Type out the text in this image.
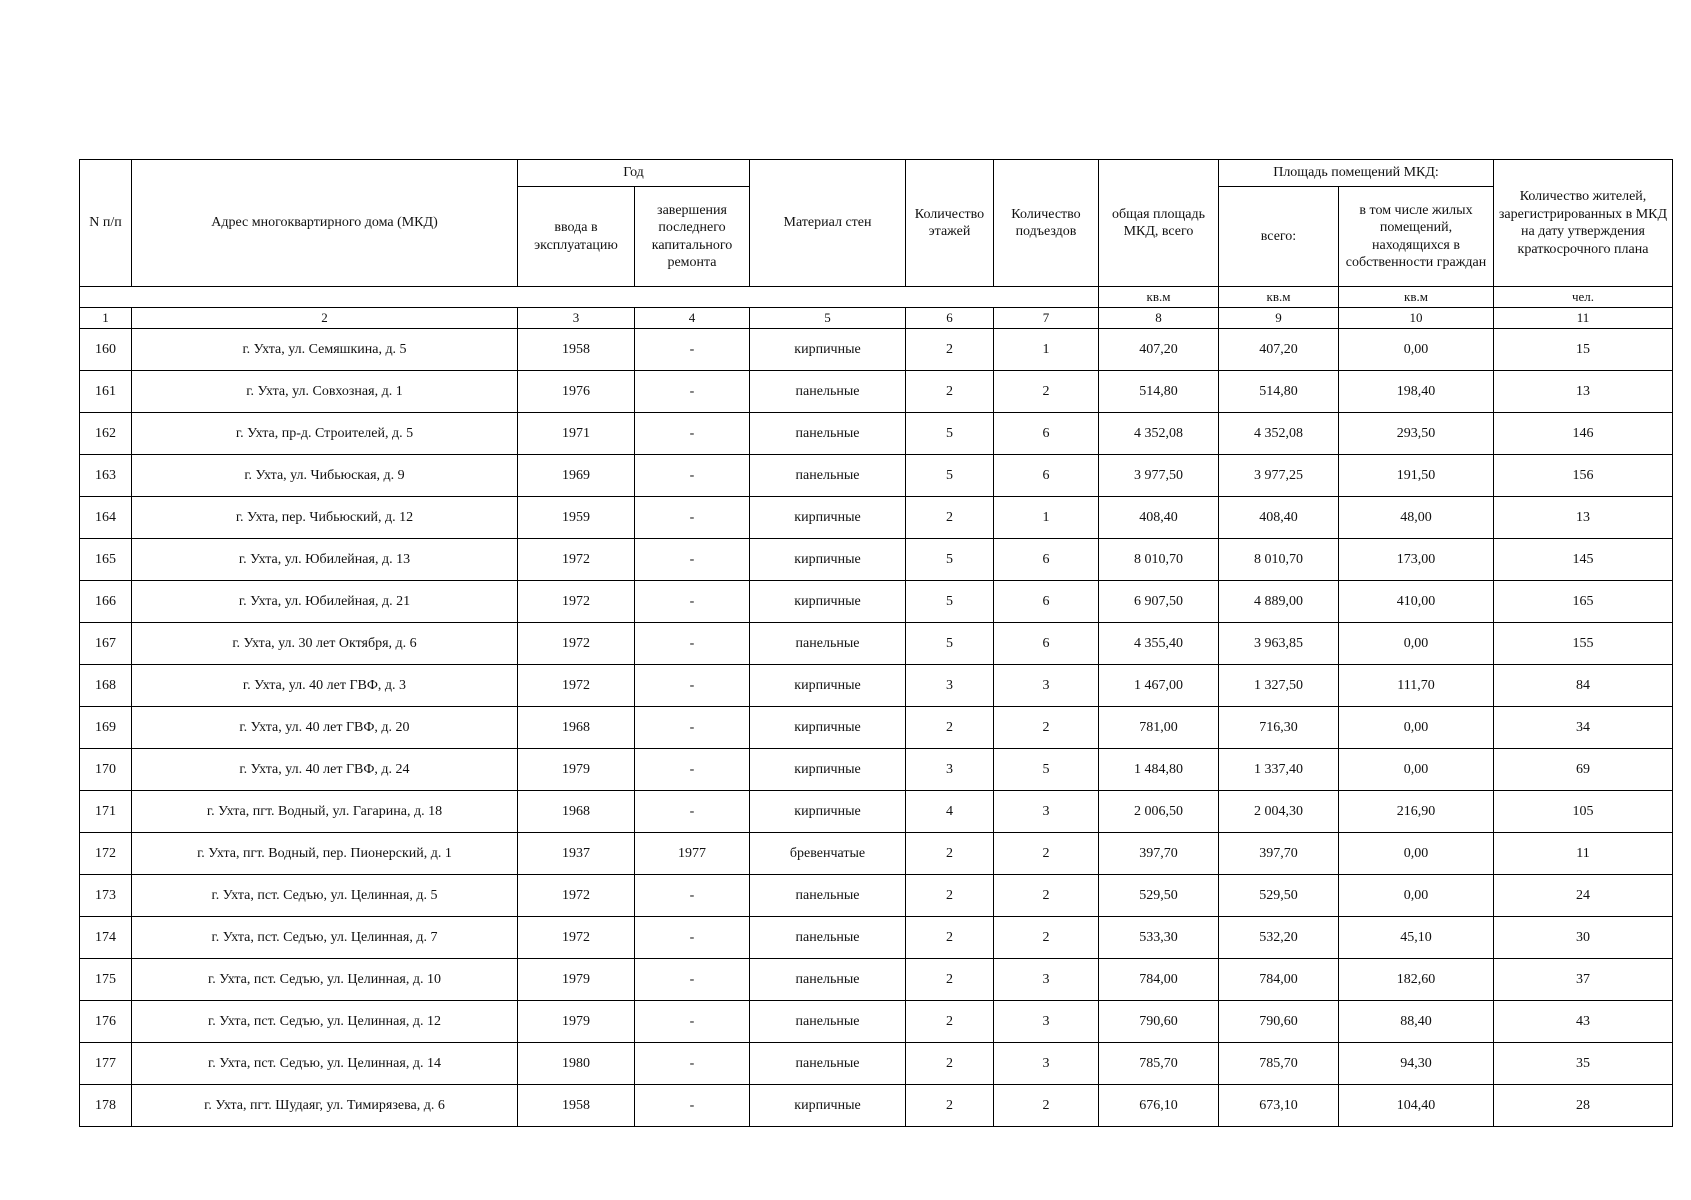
N п/п	Адрес многоквартирного дома (МКД)	Год		Материал стен	Количество этажей	Количество подъездов	общая площадь МКД, всего	Площадь помещений МКД:		Количество жителей, зарегистрированных в МКД на дату утверждения краткосрочного плана
		ввода в эксплуатацию	завершения последнего капитального ремонта					всего:	в том числе жилых помещений, находящихся в собственности граждан	
							кв.м	кв.м	кв.м	чел.
1	2	3	4	5	6	7	8	9	10	11
160	г. Ухта, ул. Семяшкина, д. 5	1958	-	кирпичные	2	1	407,20	407,20	0,00	15
161	г. Ухта, ул. Совхозная, д. 1	1976	-	панельные	2	2	514,80	514,80	198,40	13
162	г. Ухта, пр-д. Строителей, д. 5	1971	-	панельные	5	6	4 352,08	4 352,08	293,50	146
163	г. Ухта, ул. Чибьюская, д. 9	1969	-	панельные	5	6	3 977,50	3 977,25	191,50	156
164	г. Ухта, пер. Чибьюский, д. 12	1959	-	кирпичные	2	1	408,40	408,40	48,00	13
165	г. Ухта, ул. Юбилейная, д. 13	1972	-	кирпичные	5	6	8 010,70	8 010,70	173,00	145
166	г. Ухта, ул. Юбилейная, д. 21	1972	-	кирпичные	5	6	6 907,50	4 889,00	410,00	165
167	г. Ухта, ул. 30 лет Октября, д. 6	1972	-	панельные	5	6	4 355,40	3 963,85	0,00	155
168	г. Ухта, ул. 40 лет ГВФ, д. 3	1972	-	кирпичные	3	3	1 467,00	1 327,50	111,70	84
169	г. Ухта, ул. 40 лет ГВФ, д. 20	1968	-	кирпичные	2	2	781,00	716,30	0,00	34
170	г. Ухта, ул. 40 лет ГВФ, д. 24	1979	-	кирпичные	3	5	1 484,80	1 337,40	0,00	69
171	г. Ухта, пгт. Водный, ул. Гагарина, д. 18	1968	-	кирпичные	4	3	2 006,50	2 004,30	216,90	105
172	г. Ухта, пгт. Водный, пер. Пионерский, д. 1	1937	1977	бревенчатые	2	2	397,70	397,70	0,00	11
173	г. Ухта, пст. Седъю, ул. Целинная, д. 5	1972	-	панельные	2	2	529,50	529,50	0,00	24
174	г. Ухта, пст. Седъю, ул. Целинная, д. 7	1972	-	панельные	2	2	533,30	532,20	45,10	30
175	г. Ухта, пст. Седъю, ул. Целинная, д. 10	1979	-	панельные	2	3	784,00	784,00	182,60	37
176	г. Ухта, пст. Седъю, ул. Целинная, д. 12	1979	-	панельные	2	3	790,60	790,60	88,40	43
177	г. Ухта, пст. Седъю, ул. Целинная, д. 14	1980	-	панельные	2	3	785,70	785,70	94,30	35
178	г. Ухта, пгт. Шудаяг, ул. Тимирязева, д. 6	1958	-	кирпичные	2	2	676,10	673,10	104,40	28
